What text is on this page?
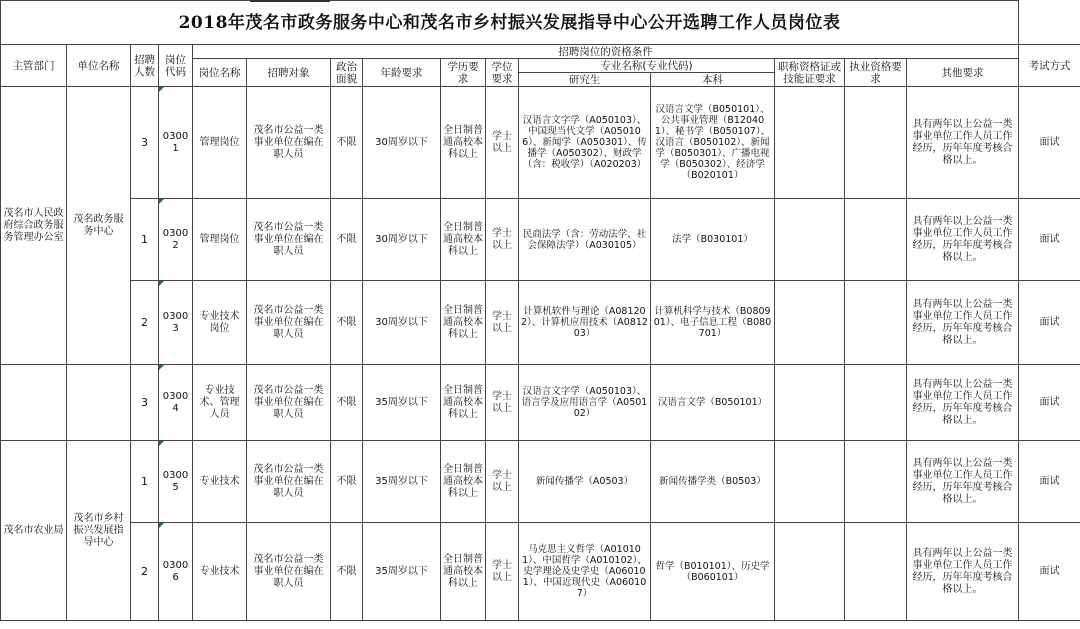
2018年茂名市政务服务中心和茂名市乡村振兴发展指导中心公开选聘工作人员岗位表															
主管部门	单位名称	招聘人数	岗位代码	招聘岗位的资格条件											考试方式
				岗位名称	招聘对象	政治面貌	年龄要求	学历要求	学位要求	专业名称(专业代码)		职称资格证或技能证要求	执业资格要求	其他要求	
										研究生	本科				
茂名市人民政府综合政务服务管理办公室	茂名政务服务中心	3	03001	管理岗位	茂名市公益一类事业单位在编在职人员	不限	30周岁以下	全日制普通高校本科以上	学士以上	汉语言文字学（A050103）、中国现当代文学（A050106）、新闻学（A050301）、传播学（A050302）、财政学（含：税收学）（A020203）	汉语言文学（B050101）、公共事业管理（B120401）、秘书学（B050107）、汉语言（B050102）、新闻学（B050301）、广播电视学（B050302）、经济学（B020101）			具有两年以上公益一类事业单位工作人员工作经历，历年年度考核合格以上。	面试
		1	03002	管理岗位	茂名市公益一类事业单位在编在职人员	不限	30周岁以下	全日制普通高校本科以上	学士以上	民商法学（含：劳动法学、社会保障法学）（A030105）	法学（B030101）			具有两年以上公益一类事业单位工作人员工作经历，历年年度考核合格以上。	面试
		2	03003	专业技术岗位	茂名市公益一类事业单位在编在职人员	不限	30周岁以下	全日制普通高校本科以上	学士以上	计算机软件与理论（A081202）、计算机应用技术（A081203）	计算机科学与技术（B080901）、电子信息工程（B080701）			具有两年以上公益一类事业单位工作人员工作经历，历年年度考核合格以上。	面试
		3	03004	专业技术、管理人员	茂名市公益一类事业单位在编在职人员	不限	35周岁以下	全日制普通高校本科以上	学士以上	汉语言文字学（A050103）、语言学及应用语言学（A050102）	汉语言文学（B050101）			具有两年以上公益一类事业单位工作人员工作经历，历年年度考核合格以上。	面试
茂名市农业局	茂名市乡村振兴发展指导中心	1	03005	专业技术	茂名市公益一类事业单位在编在职人员	不限	35周岁以下	全日制普通高校本科以上	学士以上	新闻传播学（A0503）	新闻传播学类（B0503）			具有两年以上公益一类事业单位工作人员工作经历，历年年度考核合格以上。	面试
		2	03006	专业技术	茂名市公益一类事业单位在编在职人员	不限	35周岁以下	全日制普通高校本科以上	学士以上	马克思主义哲学（A010101）、中国哲学（A010102）、史学理论及史学史（A060101）、中国近现代史（A060107）	哲学（B010101）、历史学（B060101）			具有两年以上公益一类事业单位工作人员工作经历，历年年度考核合格以上。	面试
